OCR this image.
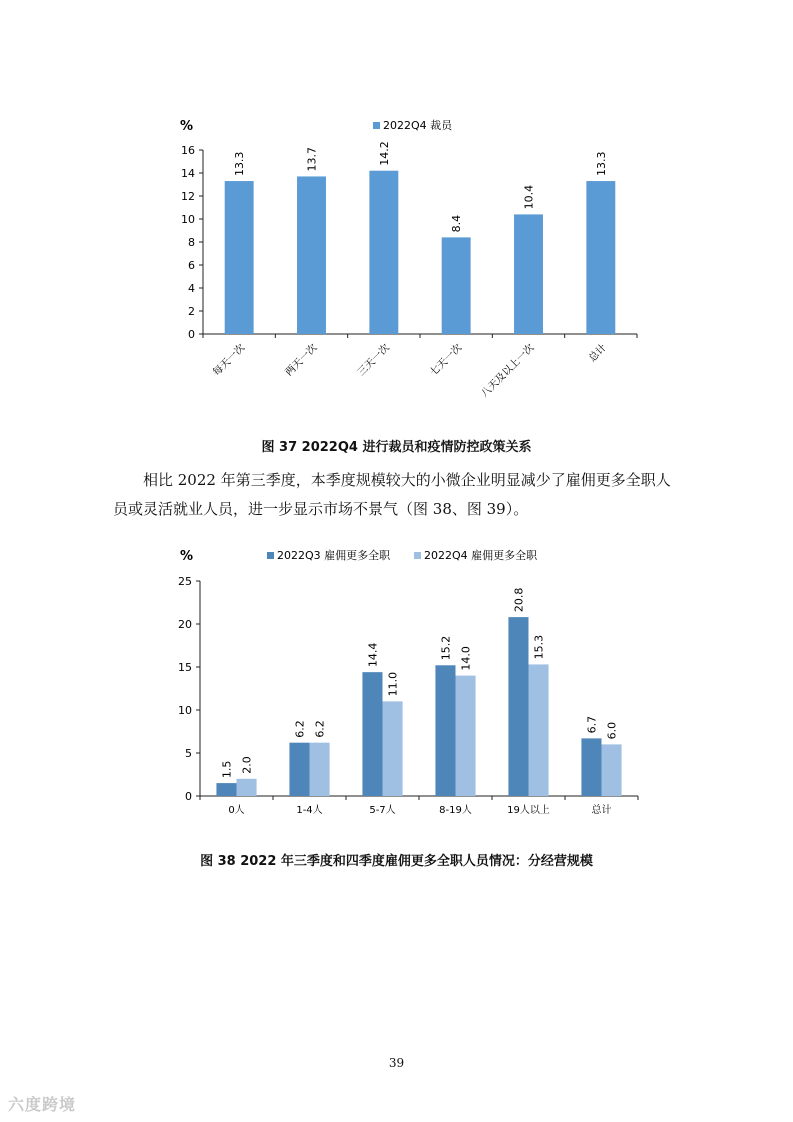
%	2022Q4 裁员
0
2
4
6
8
10
12
14
16
13.3
每天一次
13.7
两天一次
14.2
三天一次
8.4
七天一次
10.4
八天及以上一次
13.3
总计
图 37 2022Q4 进行裁员和疫情防控政策关系

相比 2022 年第三季度，本季度规模较大的小微企业明显减少了雇佣更多全职人员或灵活就业人员，进一步显示市场不景气（图 38、图 39）。

%	2022Q3 雇佣更多全职	2022Q4 雇佣更多全职
0
5
10
15
20
25
1.5 2.0
0人
6.2 6.2
1-4人
14.4
11.0
5-7人
15.2 14.0
8-19人
20.8
15.3
19人以上
6.7 6.0
总计
图 38 2022 年三季度和四季度雇佣更多全职人员情况：分经营规模
39
六度跨境
